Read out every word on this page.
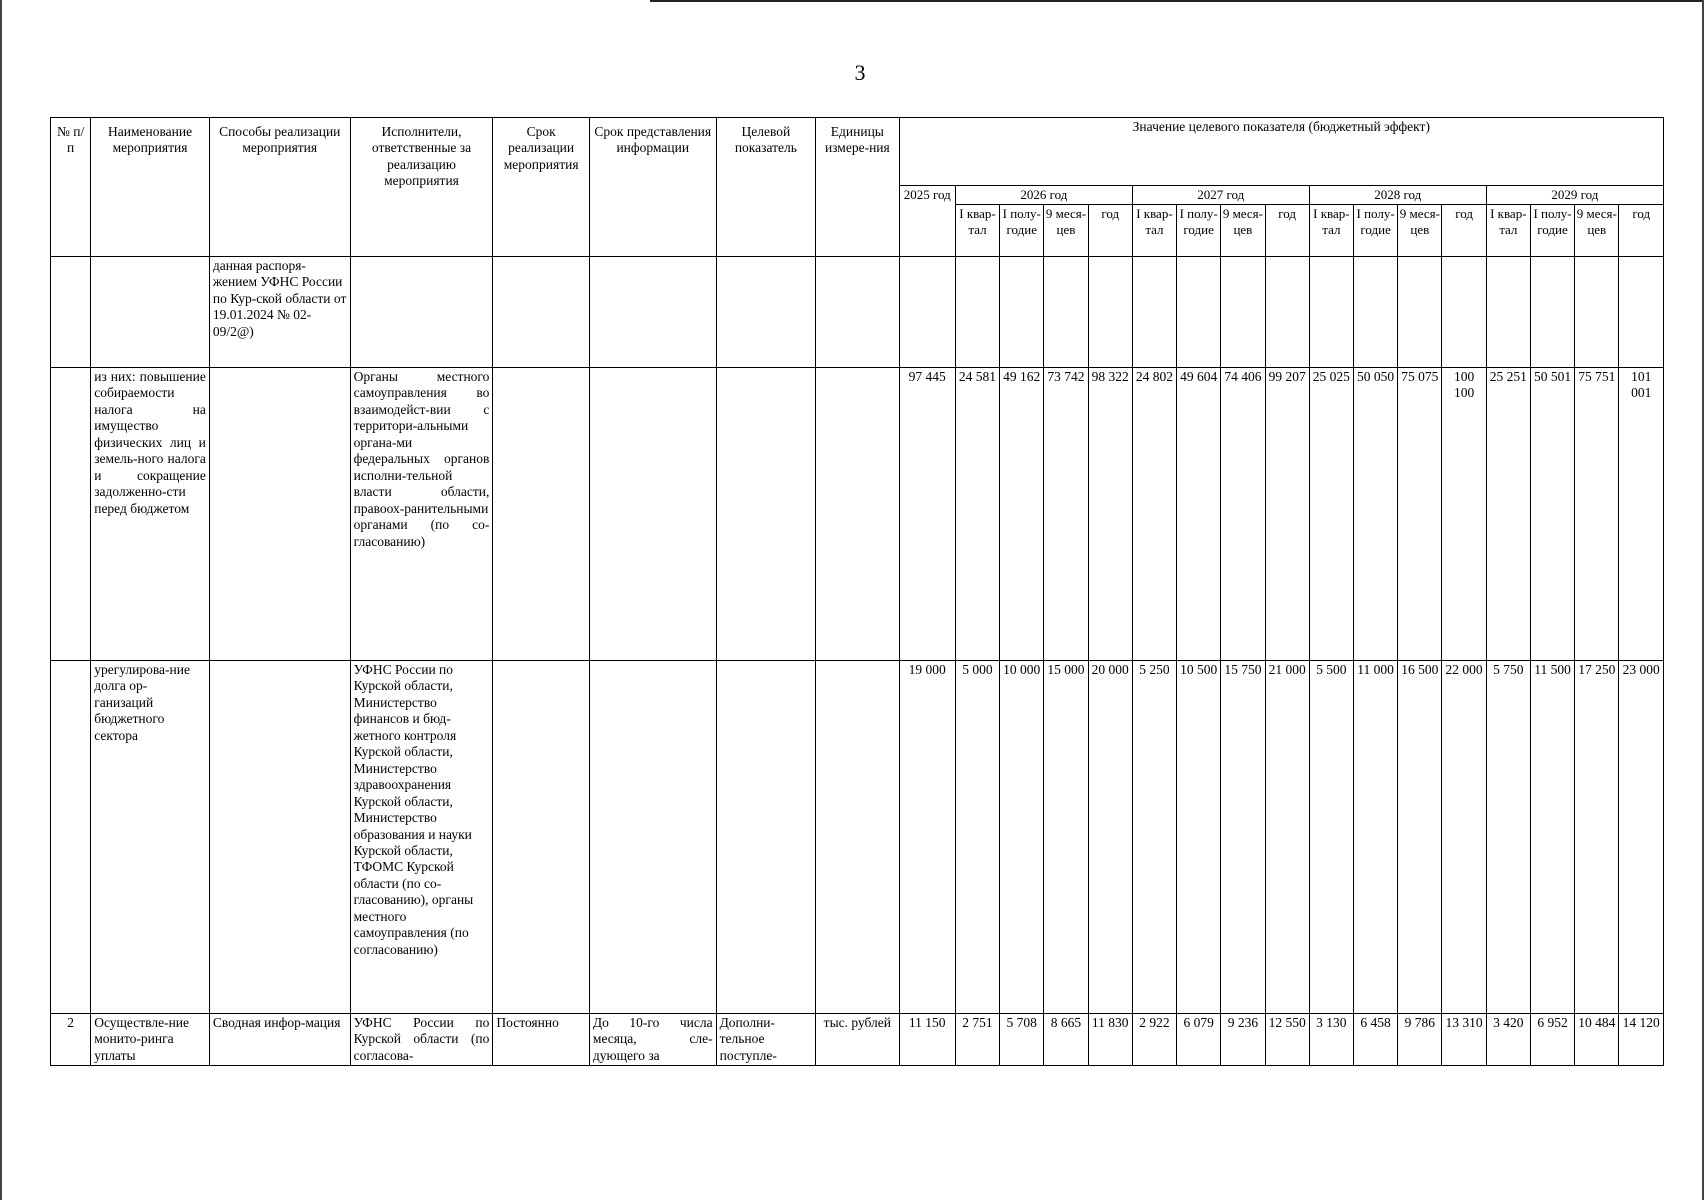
3
№ п/п	Наименование мероприятия	Способы реализации мероприятия	Исполнители, ответственные за реализацию мероприятия	Срок реализации мероприятия	Срок представления информации	Целевой показатель	Единицы измере-ния	Значение целевого показателя (бюджетный эффект)																
								2025 год	2026 год				2027 год				2028 год				2029 год			
									I квар-тал	I полу-годие	9 меся-цев	год	I квар-тал	I полу-годие	9 меся-цев	год	I квар-тал	I полу-годие	9 меся-цев	год	I квар-тал	I полу-годие	9 меся-цев	год
		данная распоря-жением УФНС России по Кур-ской области от 19.01.2024 № 02-09/2@)																						
	из них: повышение собираемости налога на имущество физических лиц и земель-ного налога и сокращение задолженно-сти перед бюджетом		Органы местного самоуправления во взаимодейст-вии с территори-альными органа-ми федеральных органов исполни-тельной власти области, правоох-ранительными органами (по со-гласованию)					97 445	24 581	49 162	73 742	98 322	24 802	49 604	74 406	99 207	25 025	50 050	75 075	100 100	25 251	50 501	75 751	101 001
	урегулирова-ние долга ор-ганизаций бюджетного сектора		УФНС России по Курской области, Министерство финансов и бюд-жетного контроля Курской области, Министерство здравоохранения Курской области, Министерство образования и науки Курской области, ТФОМС Курской области (по со-гласованию), органы местного самоуправления (по согласованию)					19 000	5 000	10 000	15 000	20 000	5 250	10 500	15 750	21 000	5 500	11 000	16 500	22 000	5 750	11 500	17 250	23 000
2	Осуществле-ние монито-ринга уплаты	Сводная инфор-мация	УФНС России по Курской области (по согласова-	Постоянно	До 10-го числа месяца, сле-дующего за	Дополни-тельное поступле-	тыс. рублей	11 150	2 751	5 708	8 665	11 830	2 922	6 079	9 236	12 550	3 130	6 458	9 786	13 310	3 420	6 952	10 484	14 120
